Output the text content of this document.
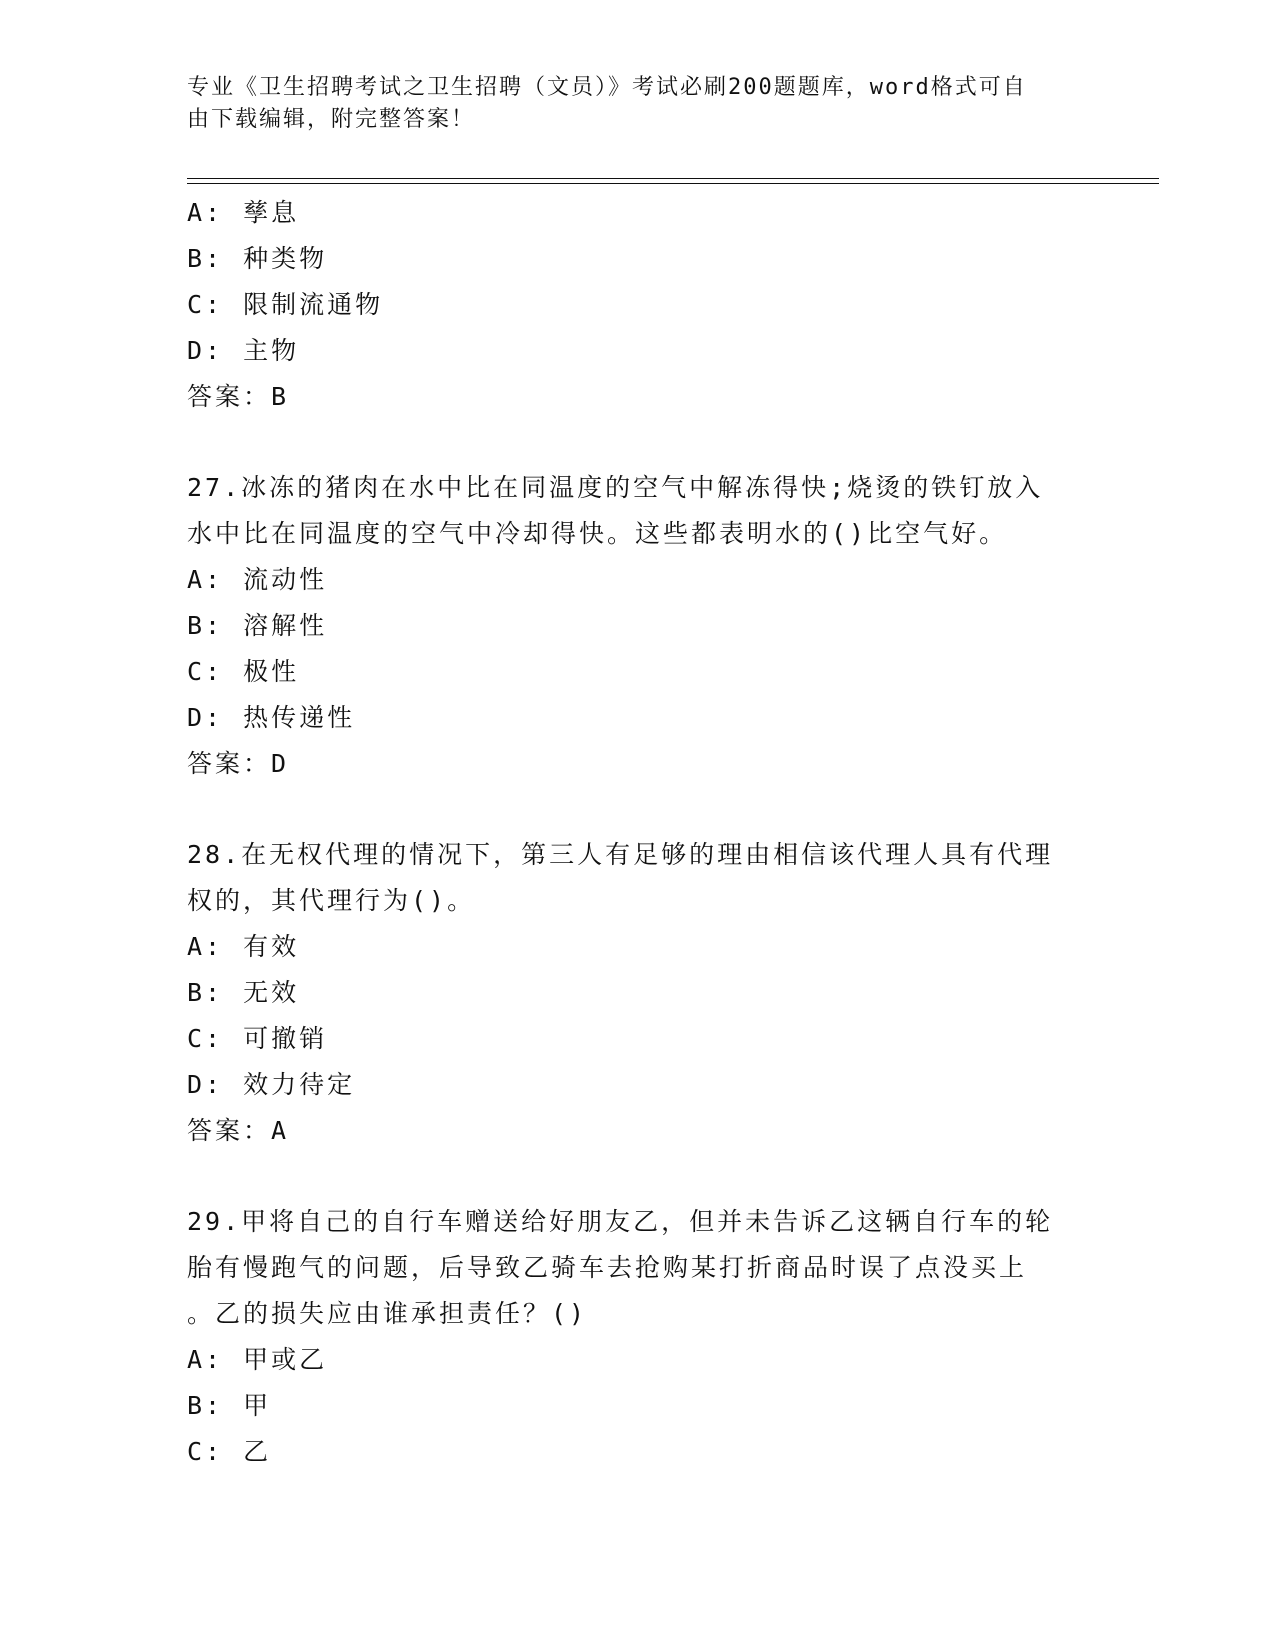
专业《卫生招聘考试之卫生招聘（文员）》考试必刷200题题库，word格式可自
由下载编辑，附完整答案！
A: 孳息
B: 种类物
C: 限制流通物
D: 主物
答案：B
27.冰冻的猪肉在水中比在同温度的空气中解冻得快;烧烫的铁钉放入
水中比在同温度的空气中冷却得快。这些都表明水的()比空气好。
A: 流动性
B: 溶解性
C: 极性
D: 热传递性
答案：D
28.在无权代理的情况下，第三人有足够的理由相信该代理人具有代理
权的，其代理行为()。
A: 有效
B: 无效
C: 可撤销
D: 效力待定
答案：A
29.甲将自己的自行车赠送给好朋友乙，但并未告诉乙这辆自行车的轮
胎有慢跑气的问题，后导致乙骑车去抢购某打折商品时误了点没买上
。乙的损失应由谁承担责任？()
A: 甲或乙
B: 甲
C: 乙
